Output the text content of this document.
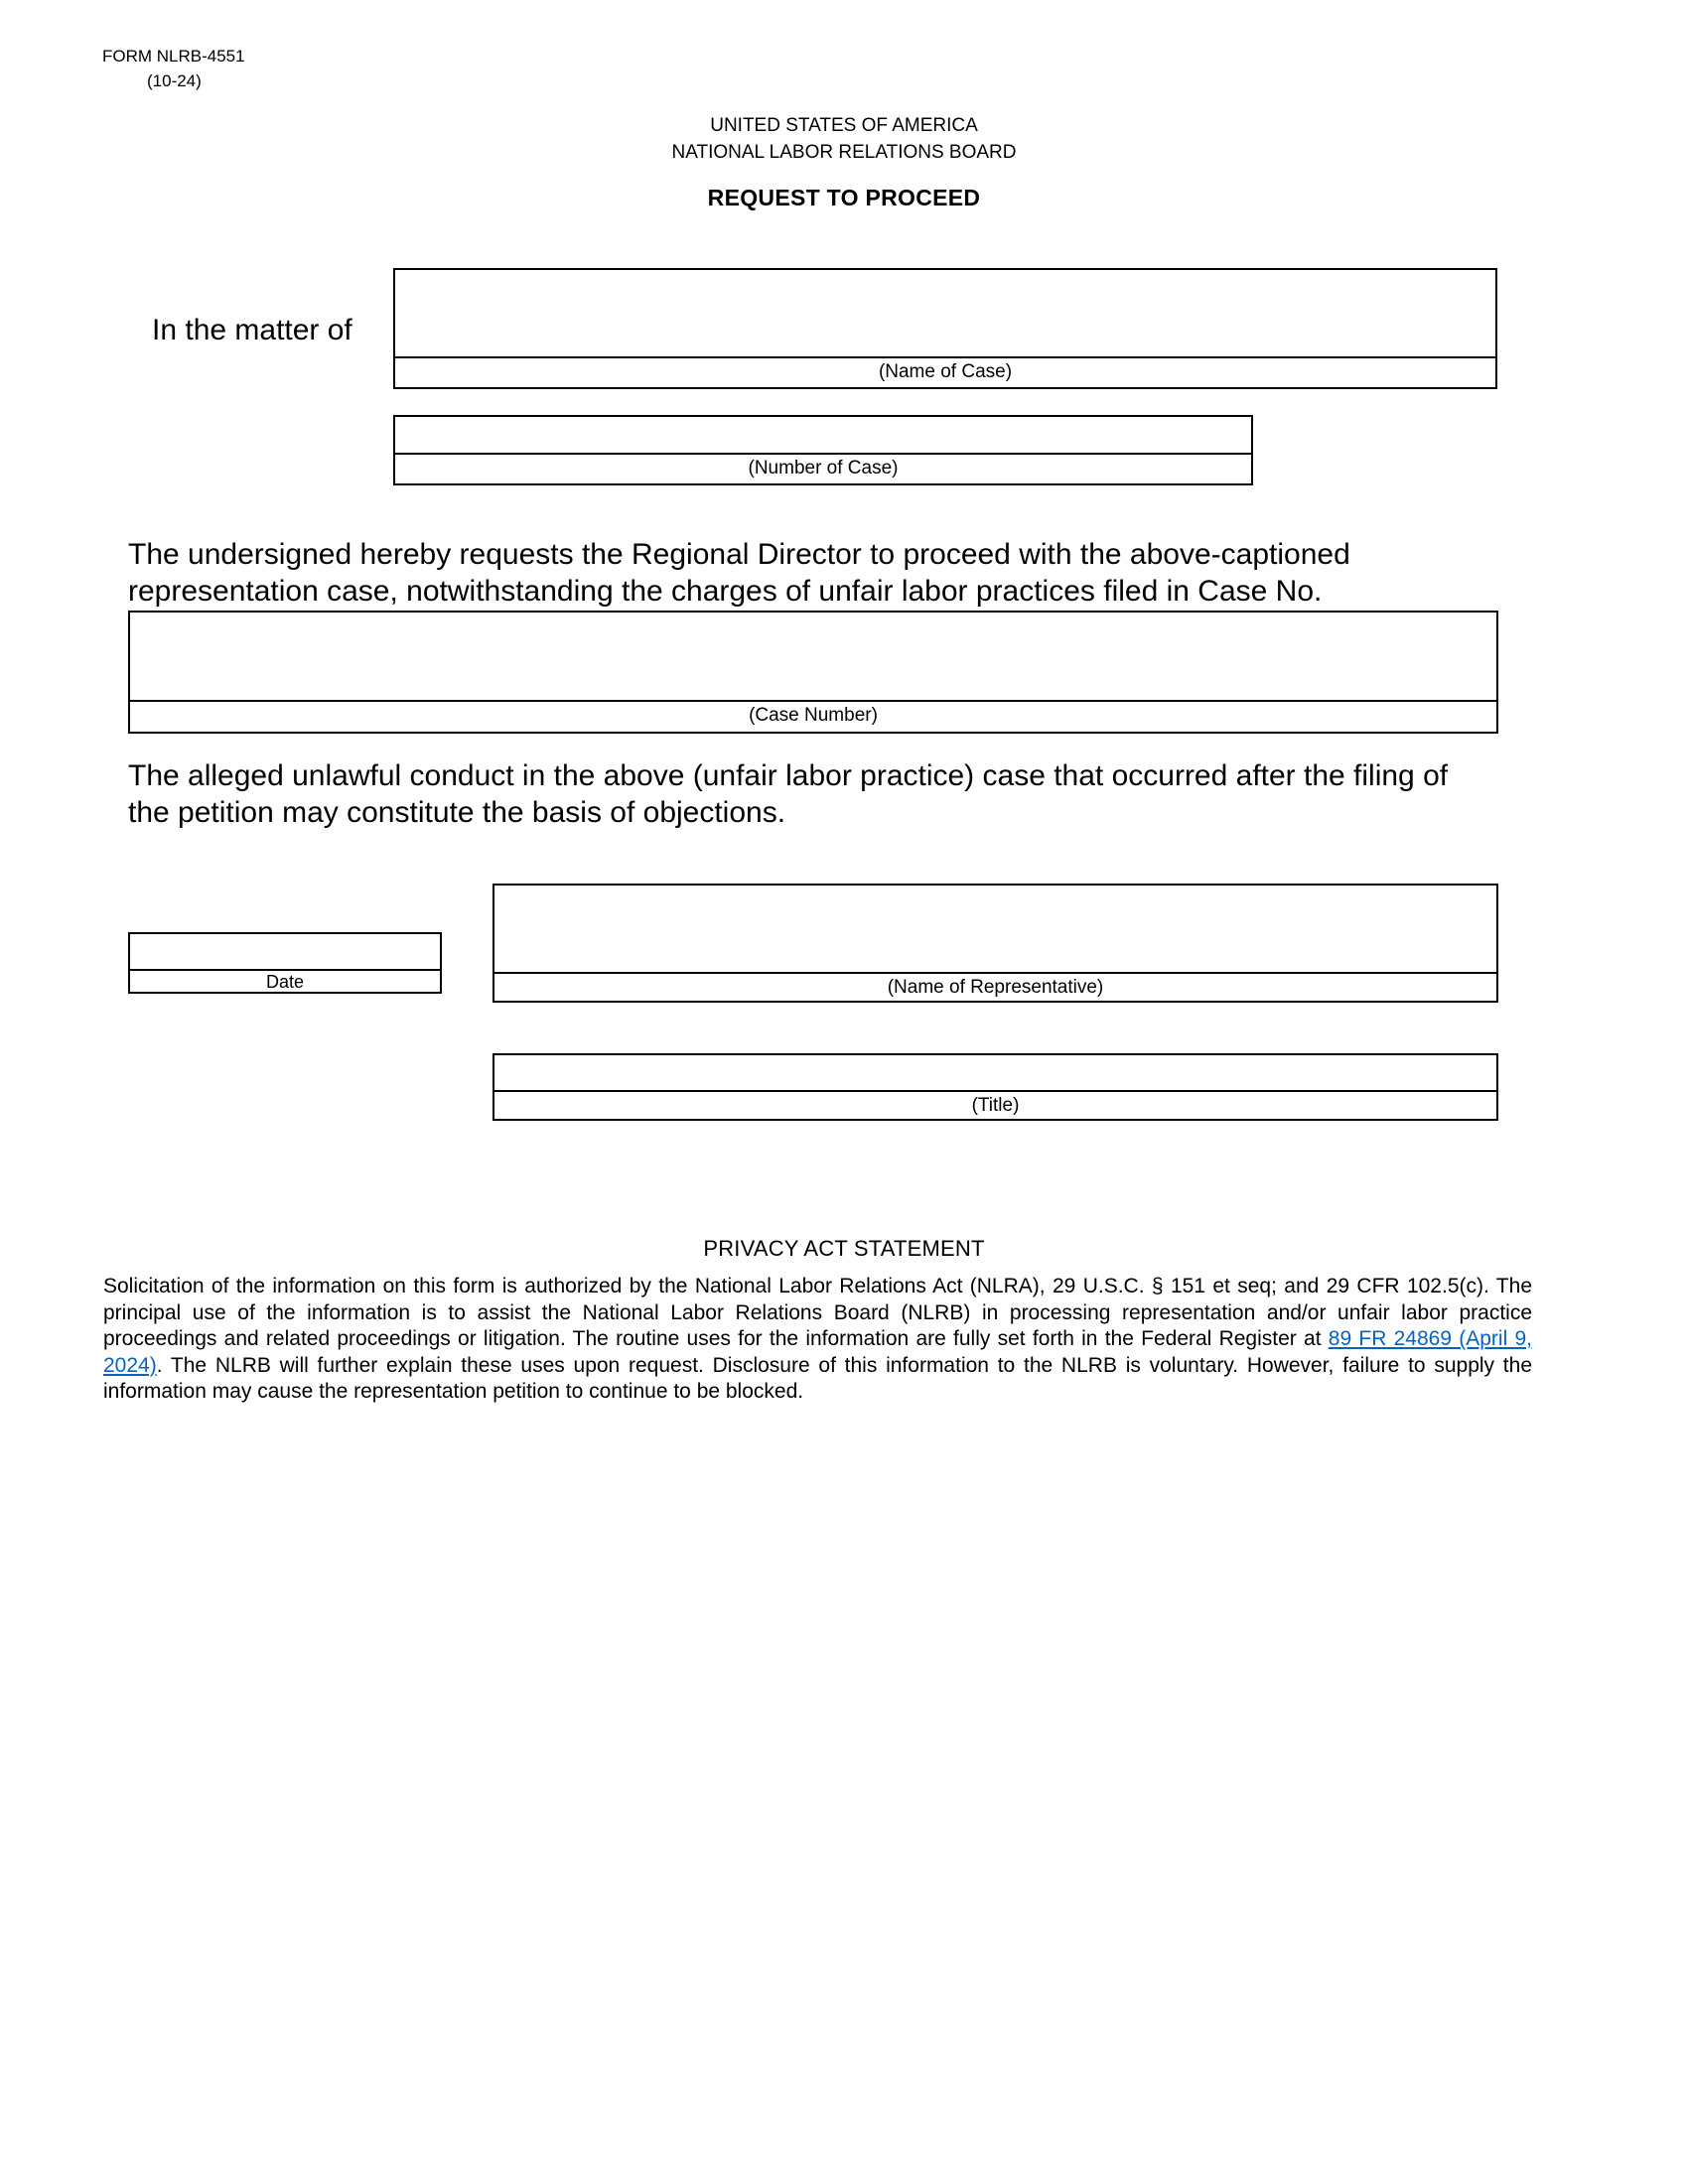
FORM NLRB-4551
(10-24)
UNITED STATES OF AMERICA
NATIONAL LABOR RELATIONS BOARD
REQUEST TO PROCEED
In the matter of
(Name of Case)
(Number of Case)

The undersigned hereby requests the Regional Director to proceed with the above-captioned representation case, notwithstanding the charges of unfair labor practices filed in Case No.

(Case Number)

The alleged unlawful conduct in the above (unfair labor practice) case that occurred after the filing of the petition may constitute the basis of objections.

Date	(Name of Representative)
(Title)
PRIVACY ACT STATEMENT

Solicitation of the information on this form is authorized by the National Labor Relations Act (NLRA), 29 U.S.C. § 151 et seq; and 29 CFR 102.5(c). The principal use of the information is to assist the National Labor Relations Board (NLRB) in processing representation and/or unfair labor practice proceedings and related proceedings or litigation. The routine uses for the information are fully set forth in the Federal Register at 89 FR 24869 (April 9, 2024). The NLRB will further explain these uses upon request. Disclosure of this information to the NLRB is voluntary. However, failure to supply the information may cause the representation petition to continue to be blocked.
